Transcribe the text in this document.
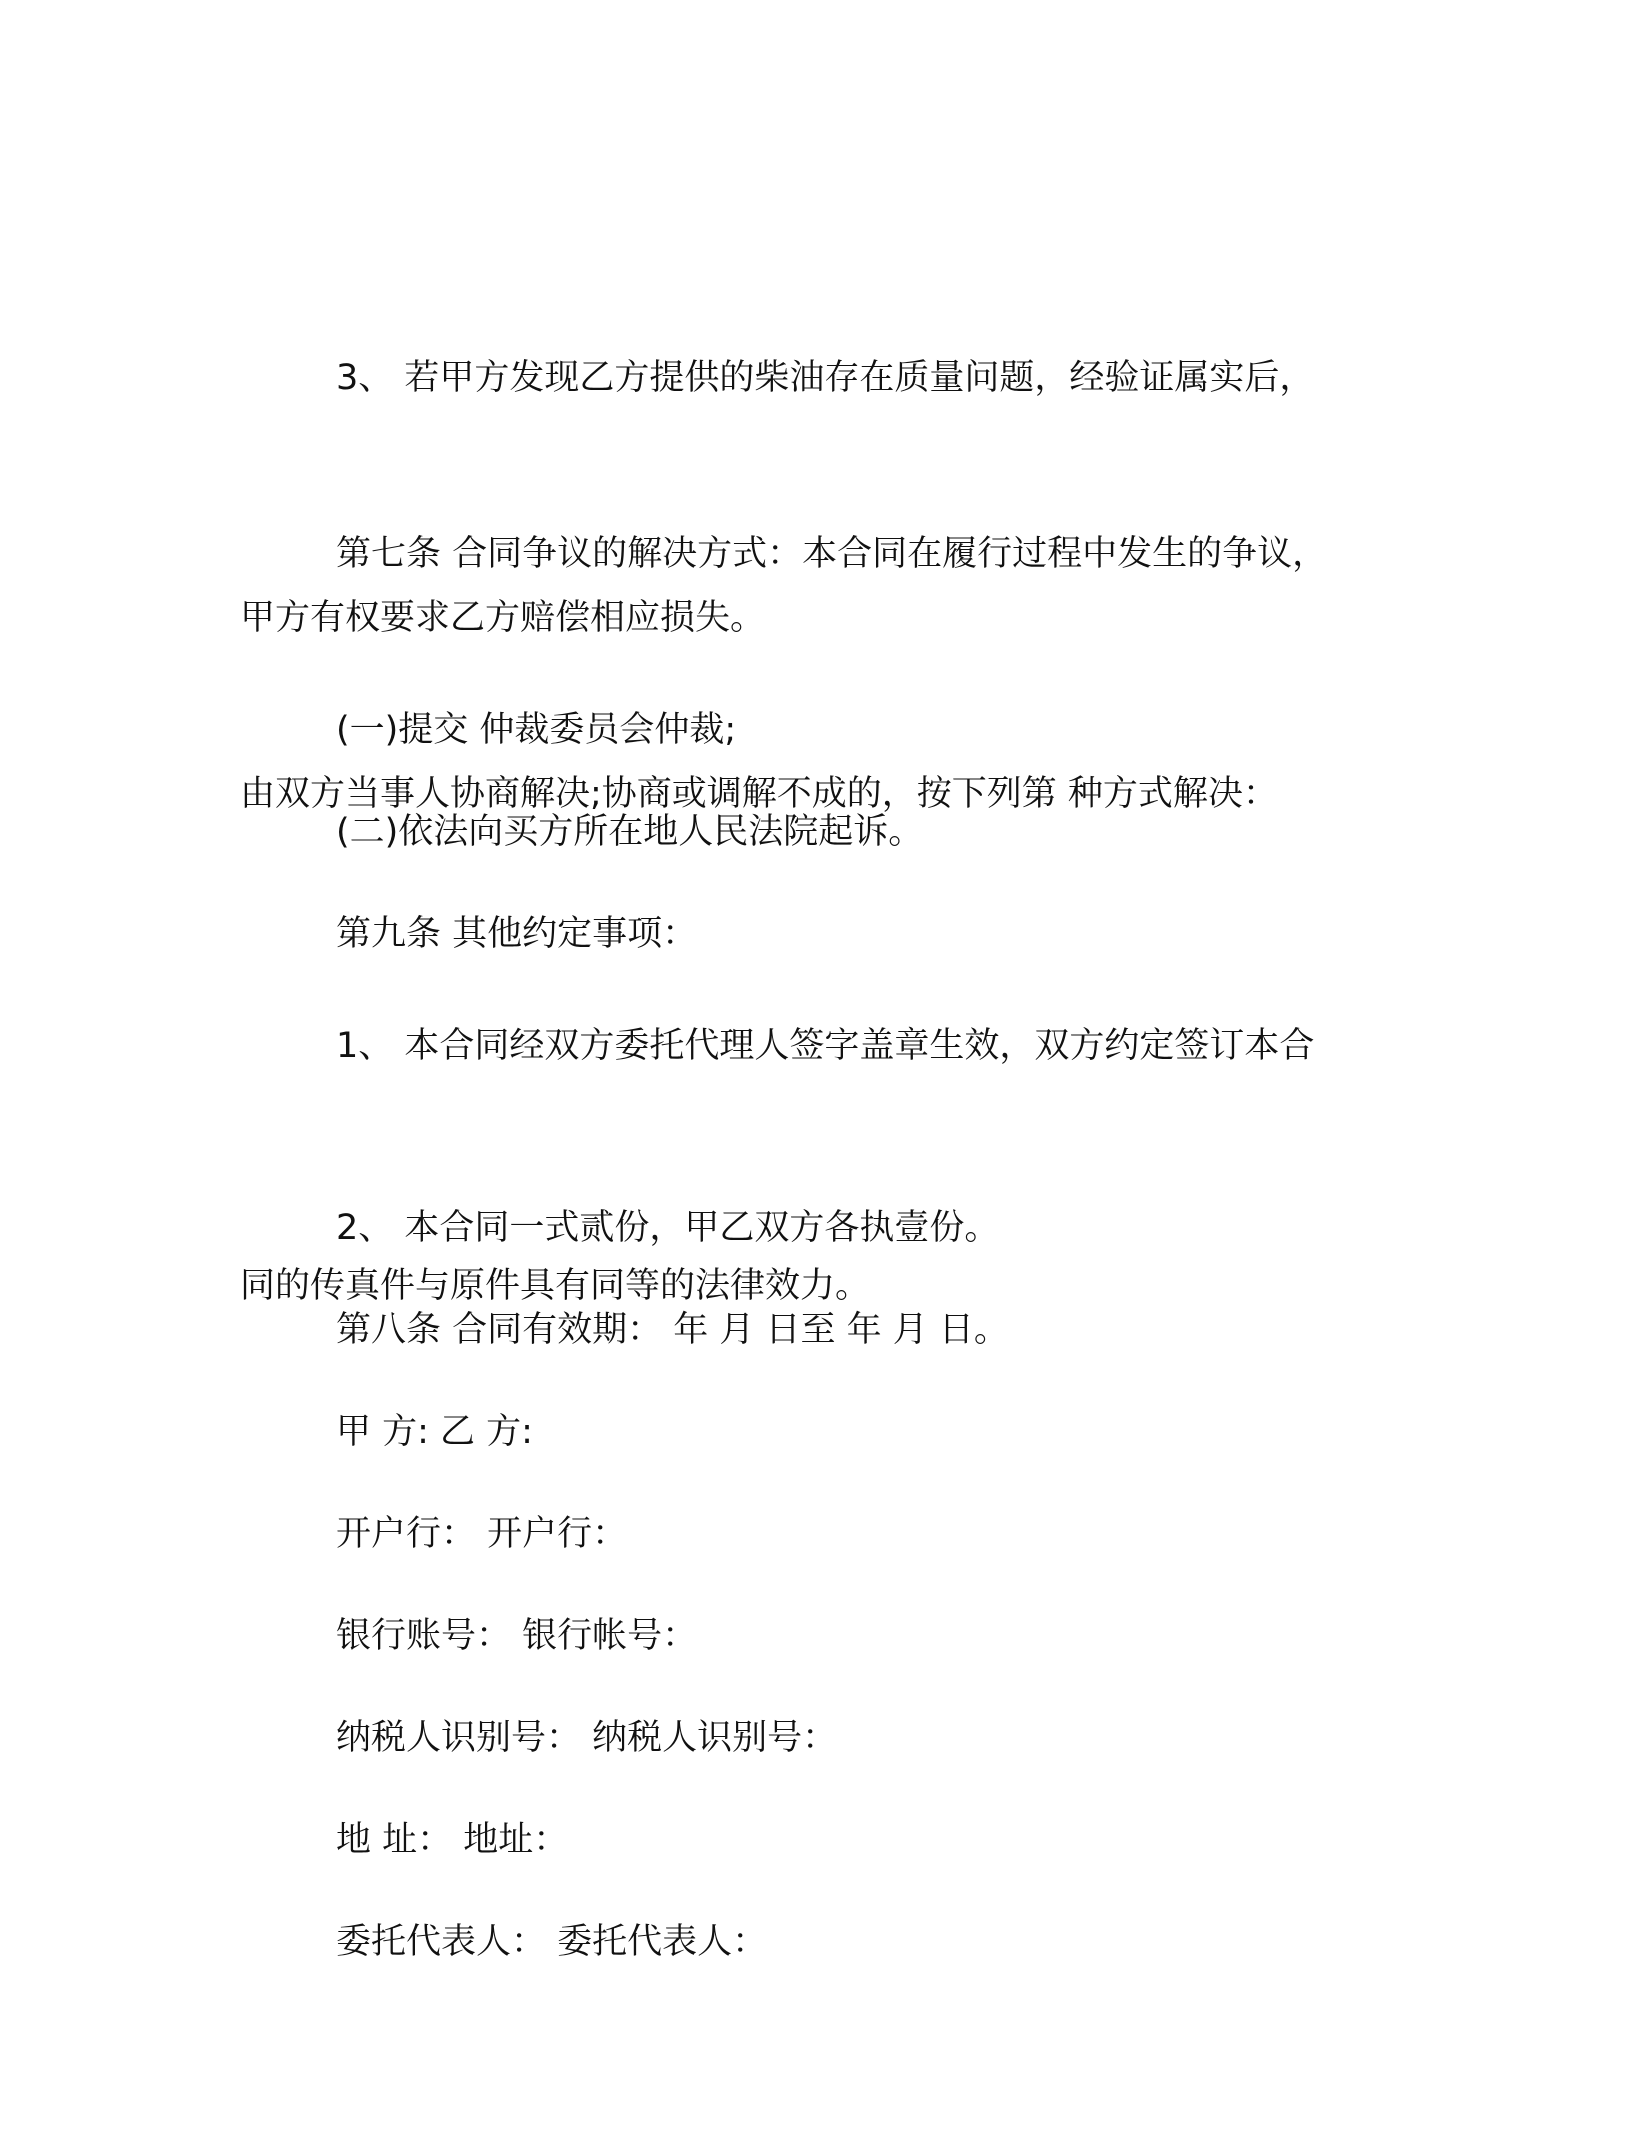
3、 若甲方发现乙方提供的柴油存在质量问题，经验证属实后，

甲方有权要求乙方赔偿相应损失。

第七条 合同争议的解决方式：本合同在履行过程中发生的争议，

由双方当事人协商解决;协商或调解不成的，按下列第 种方式解决：

(一)提交 仲裁委员会仲裁;

(二)依法向买方所在地人民法院起诉。

第九条 其他约定事项：

1、 本合同经双方委托代理人签字盖章生效，双方约定签订本合

同的传真件与原件具有同等的法律效力。

2、 本合同一式贰份，甲乙双方各执壹份。

第八条 合同有效期： 年 月 日至 年 月 日。

甲 方: 乙 方:

开户行： 开户行：

银行账号： 银行帐号：

纳税人识别号： 纳税人识别号：

地 址： 地址：

委托代表人： 委托代表人：
